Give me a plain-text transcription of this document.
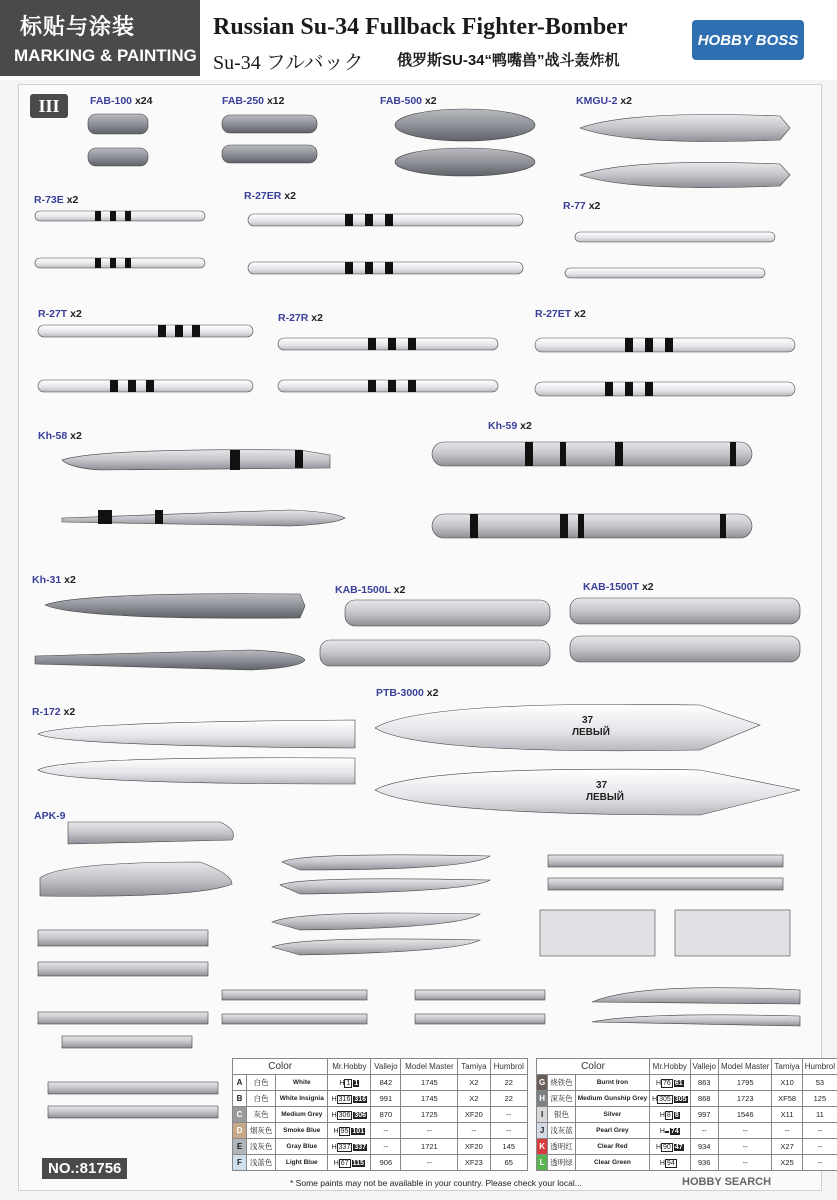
标贴与涂装
MARKING & PAINTING
Russian Su-34 Fullback Fighter-Bomber
Su-34 フルバック 俄罗斯SU-34“鸭嘴兽”战斗轰炸机
HOBBY BOSS
III	FAB-100 x24	FAB-250 x12	FAB-500 x2	KMGU-2 x2
R-73E x2	R-27ER x2
R-77 x2
R-27T x2	R-27R x2	R-27ET x2
Kh-58 x2
Kh-59 x2
Kh-31 x2
KAB-1500L x2	KAB-1500T x2
R-172 x2
PTB-3000 x2
APK-9
37
ЛЕВЫЙ
37
ЛЕВЫЙ
Color			Mr.Hobby	Vallejo	Model Master	Tamiya	Humbrol
A	白色	White	H 1 1	842	1745	X2	22
B	白色	White Insignia	H 316 316	991	1745	X2	22
C	灰色	Medium Grey	H 306 306	870	1725	XF20	--
D	烟灰色	Smoke Blue	H 95 101	--	--	--	--
E	浅灰色	Gray Blue	H 337 337	--	1721	XF20	145
F	浅蓝色	Light Blue	H 67 115	906	--	XF23	65
Color			Mr.Hobby	Vallejo	Model Master	Tamiya	Humbrol
G	烧铁色	Burnt Iron	H 76 61	863	1795	X10	53
H	深灰色	Medium Gunship Grey	H 305 305	868	1723	XF58	125
I	银色	Silver	H 8 8	997	1546	X11	11
J	浅灰蓝	Pearl Grey	H 74	--	--	--	--
K	透明红	Clear Red	H 90 47	934	--	X27	--
L	透明绿	Clear Green	H 94	936	--	X25	--
NO.:81756
* Some paints may not be available in your country. Please check your local...	HOBBY SEARCH
